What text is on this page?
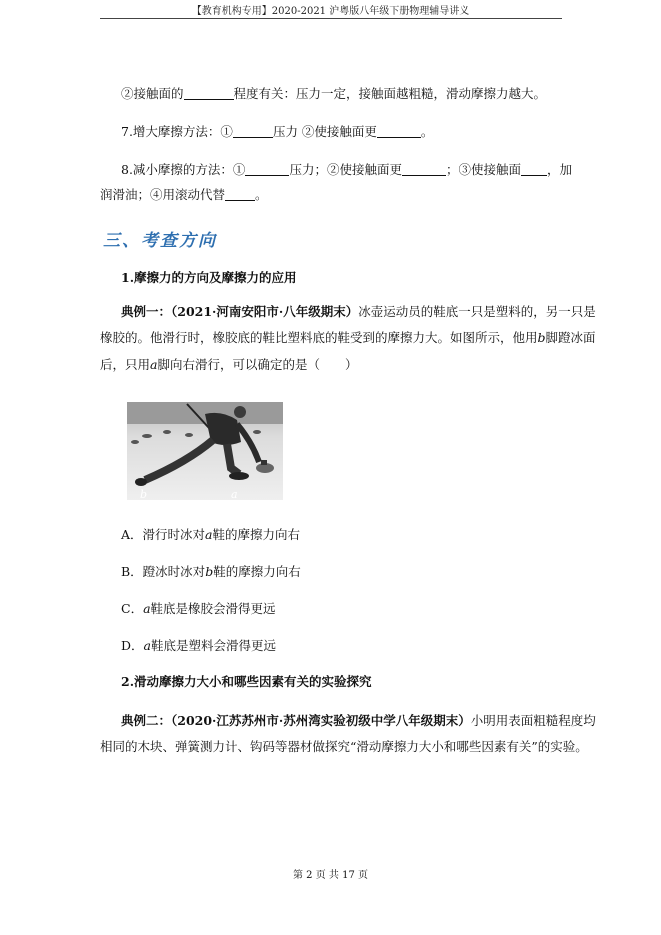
【教育机构专用】2020-2021 沪粤版八年级下册物理辅导讲义
②接触面的	程度有关：压力一定，接触面越粗糙，滑动摩擦力越大。
7.增大摩擦方法：①	压力 ②使接触面更	。
8.减小摩擦的方法：①	压力；②使接触面更	；③使接触面 ，加
润滑油；④用滚动代替 。
三、考查方向
1.摩擦力的方向及摩擦力的应用
典例一：（2021·河南安阳市·八年级期末）冰壶运动员的鞋底一只是塑料的，另一只是
橡胶的。他滑行时，橡胶底的鞋比塑料底的鞋受到的摩擦力大。如图所示，他用b脚蹬冰面
后，只用a脚向右滑行，可以确定的是（　　）
b	a
A．滑行时冰对a鞋的摩擦力向右
B．蹬冰时冰对b鞋的摩擦力向右
C．a鞋底是橡胶会滑得更远
D．a鞋底是塑料会滑得更远
2.滑动摩擦力大小和哪些因素有关的实验探究
典例二：（2020·江苏苏州市·苏州湾实验初级中学八年级期末）小明用表面粗糙程度均
相同的木块、弹簧测力计、钩码等器材做探究“滑动摩擦力大小和哪些因素有关”的实验。
第 2 页 共 17 页
